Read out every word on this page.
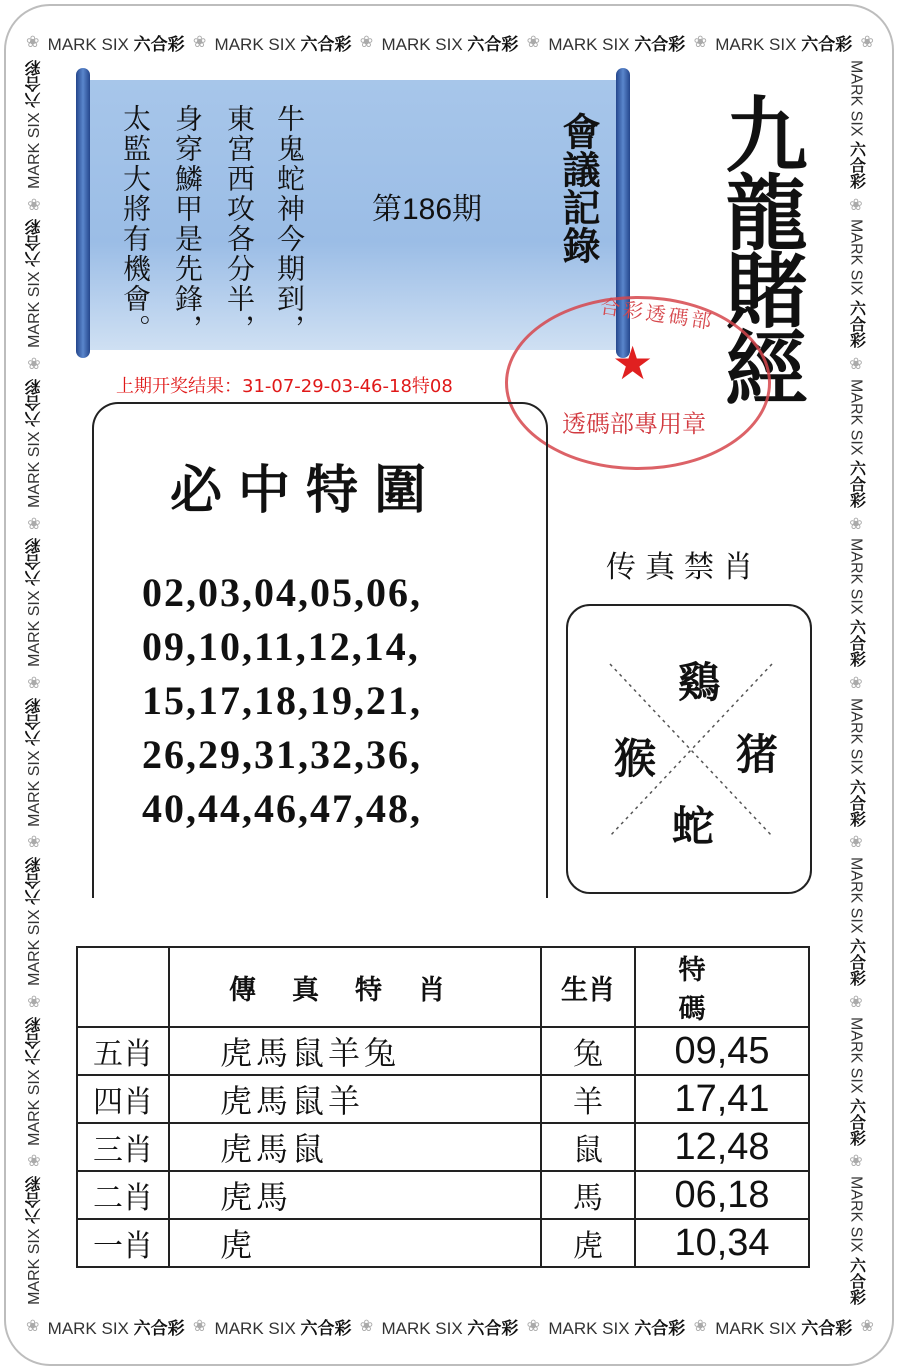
❀ MARK SIX 六合彩 ❀ MARK SIX 六合彩 ❀ MARK SIX 六合彩 ❀ MARK SIX 六合彩 ❀ MARK SIX 六合彩 ❀
❀ MARK SIX 六合彩 ❀ MARK SIX 六合彩 ❀ MARK SIX 六合彩 ❀ MARK SIX 六合彩 ❀ MARK SIX 六合彩 ❀
MARK SIX 六合彩
❀
MARK SIX 六合彩
❀
MARK SIX 六合彩
❀
MARK SIX 六合彩
❀
MARK SIX 六合彩
❀
MARK SIX 六合彩
❀
MARK SIX 六合彩
❀
MARK SIX 六合彩
MARK SIX 六合彩
❀
MARK SIX 六合彩
❀
MARK SIX 六合彩
❀
MARK SIX 六合彩
❀
MARK SIX 六合彩
❀
MARK SIX 六合彩
❀
MARK SIX 六合彩
❀
MARK SIX 六合彩
牛鬼蛇神今期到，
東宮西攻各分半，
身穿鱗甲是先鋒，
太監大將有機會。	第186期 會議記錄 九龍賭經
合彩透碼部
★
透碼部專用章
上期开奖结果：31-07-29-03-46-18特08
必中特圍
02,03,04,05,06,
09,10,11,12,14,
15,17,18,19,21,
26,29,31,32,36,
40,44,46,47,48,
传真禁肖
鷄
猴 猪
蛇
	傳真特肖	生肖	特碼
五肖	虎馬鼠羊兔	兔	09,45
四肖	虎馬鼠羊	羊	17,41
三肖	虎馬鼠	鼠	12,48
二肖	虎馬	馬	06,18
一肖	虎	虎	10,34
